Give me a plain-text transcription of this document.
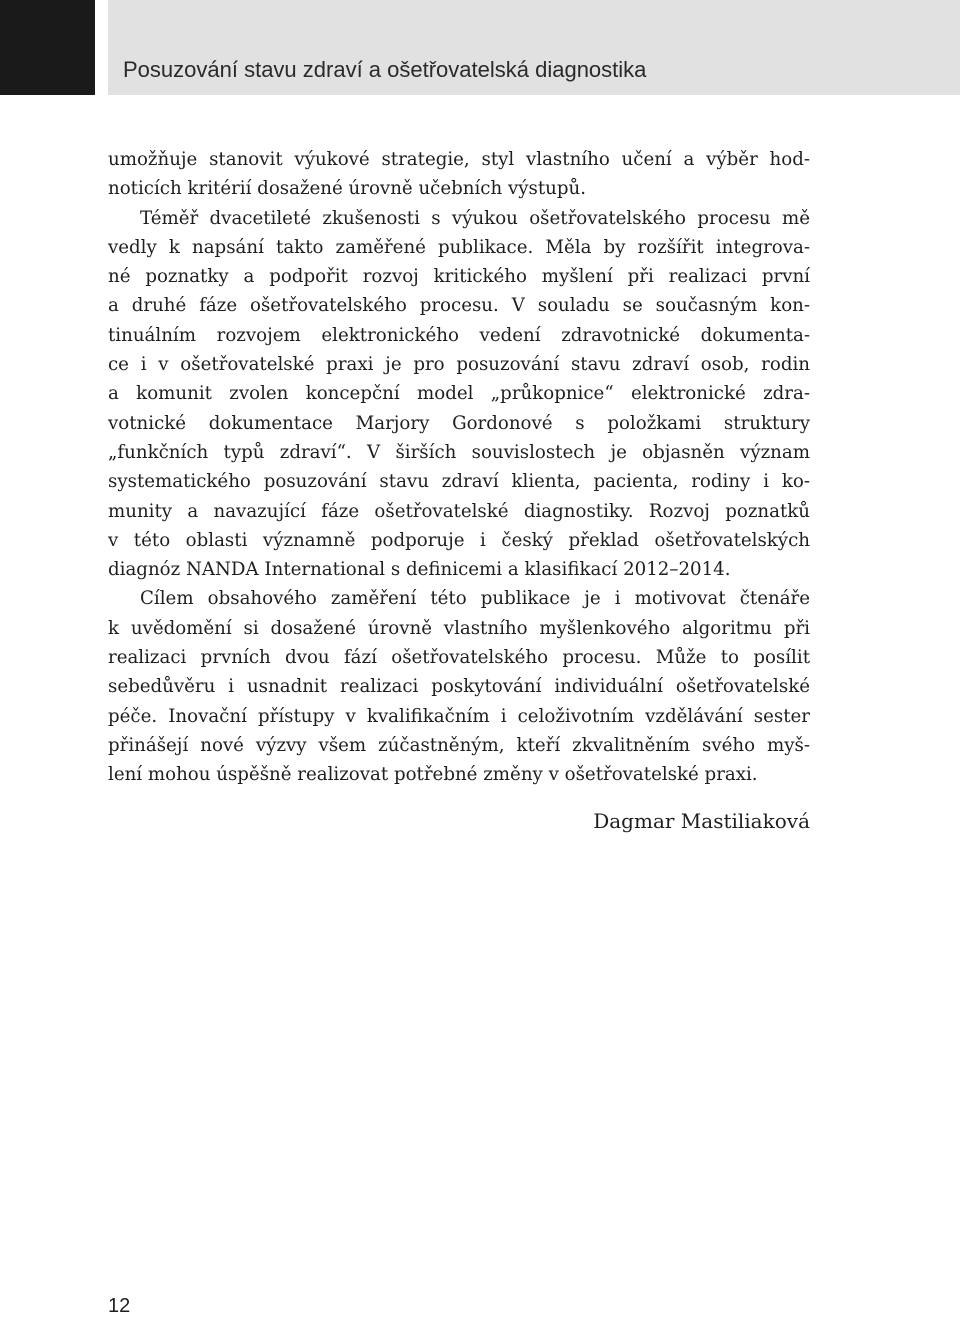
Posuzování stavu zdraví a ošetřovatelská diagnostika
umožňuje stanovit výukové strategie, styl vlastního učení a výběr hod-
noticích kritérií dosažené úrovně učebních výstupů.
Téměř dvacetileté zkušenosti s výukou ošetřovatelského procesu mě
vedly k napsání takto zaměřené publikace. Měla by rozšířit integrova-
né poznatky a podpořit rozvoj kritického myšlení při realizaci první
a druhé fáze ošetřovatelského procesu. V souladu se současným kon-
tinuálním rozvojem elektronického vedení zdravotnické dokumenta-
ce i v ošetřovatelské praxi je pro posuzování stavu zdraví osob, rodin
a komunit zvolen koncepční model „průkopnice“ elektronické zdra-
votnické dokumentace Marjory Gordonové s položkami struktury
„funkčních typů zdraví“. V širších souvislostech je objasněn význam
systematického posuzování stavu zdraví klienta, pacienta, rodiny i ko-
munity a navazující fáze ošetřovatelské diagnostiky. Rozvoj poznatků
v této oblasti významně podporuje i český překlad ošetřovatelských
diagnóz NANDA International s definicemi a klasifikací 2012–2014.
Cílem obsahového zaměření této publikace je i motivovat čtenáře
k uvědomění si dosažené úrovně vlastního myšlenkového algoritmu při
realizaci prvních dvou fází ošetřovatelského procesu. Může to posílit
sebedůvěru i usnadnit realizaci poskytování individuální ošetřovatelské
péče. Inovační přístupy v kvalifikačním i celoživotním vzdělávání sester
přinášejí nové výzvy všem zúčastněným, kteří zkvalitněním svého myš-
lení mohou úspěšně realizovat potřebné změny v ošetřovatelské praxi.
Dagmar Mastiliaková
12
